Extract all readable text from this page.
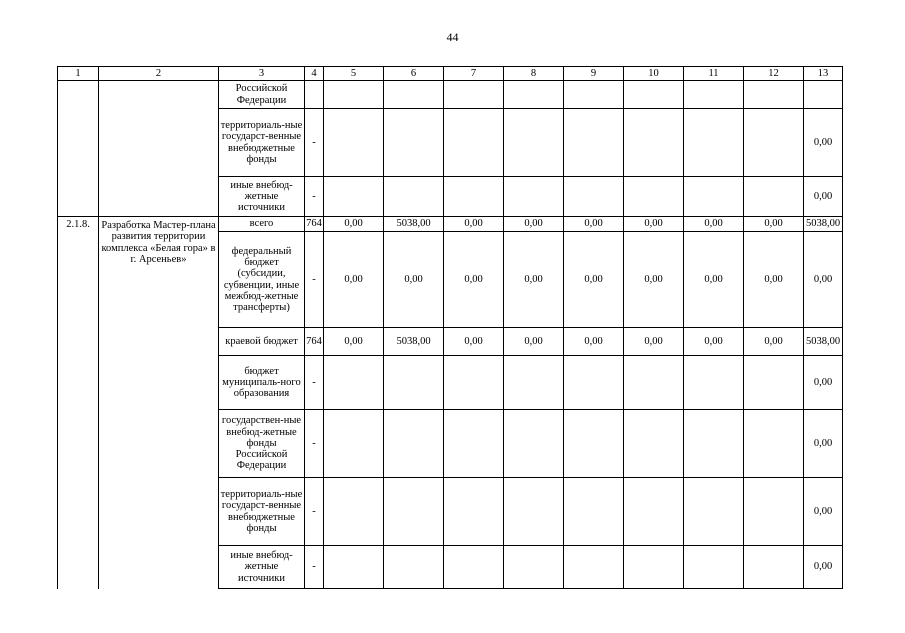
44
1	2	3	4	5	6	7	8	9	10	11	12	13
		Российской Федерации										
		территориаль-ные государст-венные внебюджетные фонды	-									0,00
		иные внебюд-жетные источники	-									0,00
2.1.8.	Разработка Мастер-плана развития территории комплекса «Белая гора» в г. Арсеньев»	всего	764	0,00	5038,00	0,00	0,00	0,00	0,00	0,00	0,00	5038,00
		федеральный бюджет (субсидии, субвенции, иные межбюд-жетные трансферты)	-	0,00	0,00	0,00	0,00	0,00	0,00	0,00	0,00	0,00
		краевой бюджет	764	0,00	5038,00	0,00	0,00	0,00	0,00	0,00	0,00	5038,00
		бюджет муниципаль-ного образования	-									0,00
		государствен-ные внебюд-жетные фонды Российской Федерации	-									0,00
		территориаль-ные государст-венные внебюджетные фонды	-									0,00
		иные внебюд-жетные источники	-									0,00
